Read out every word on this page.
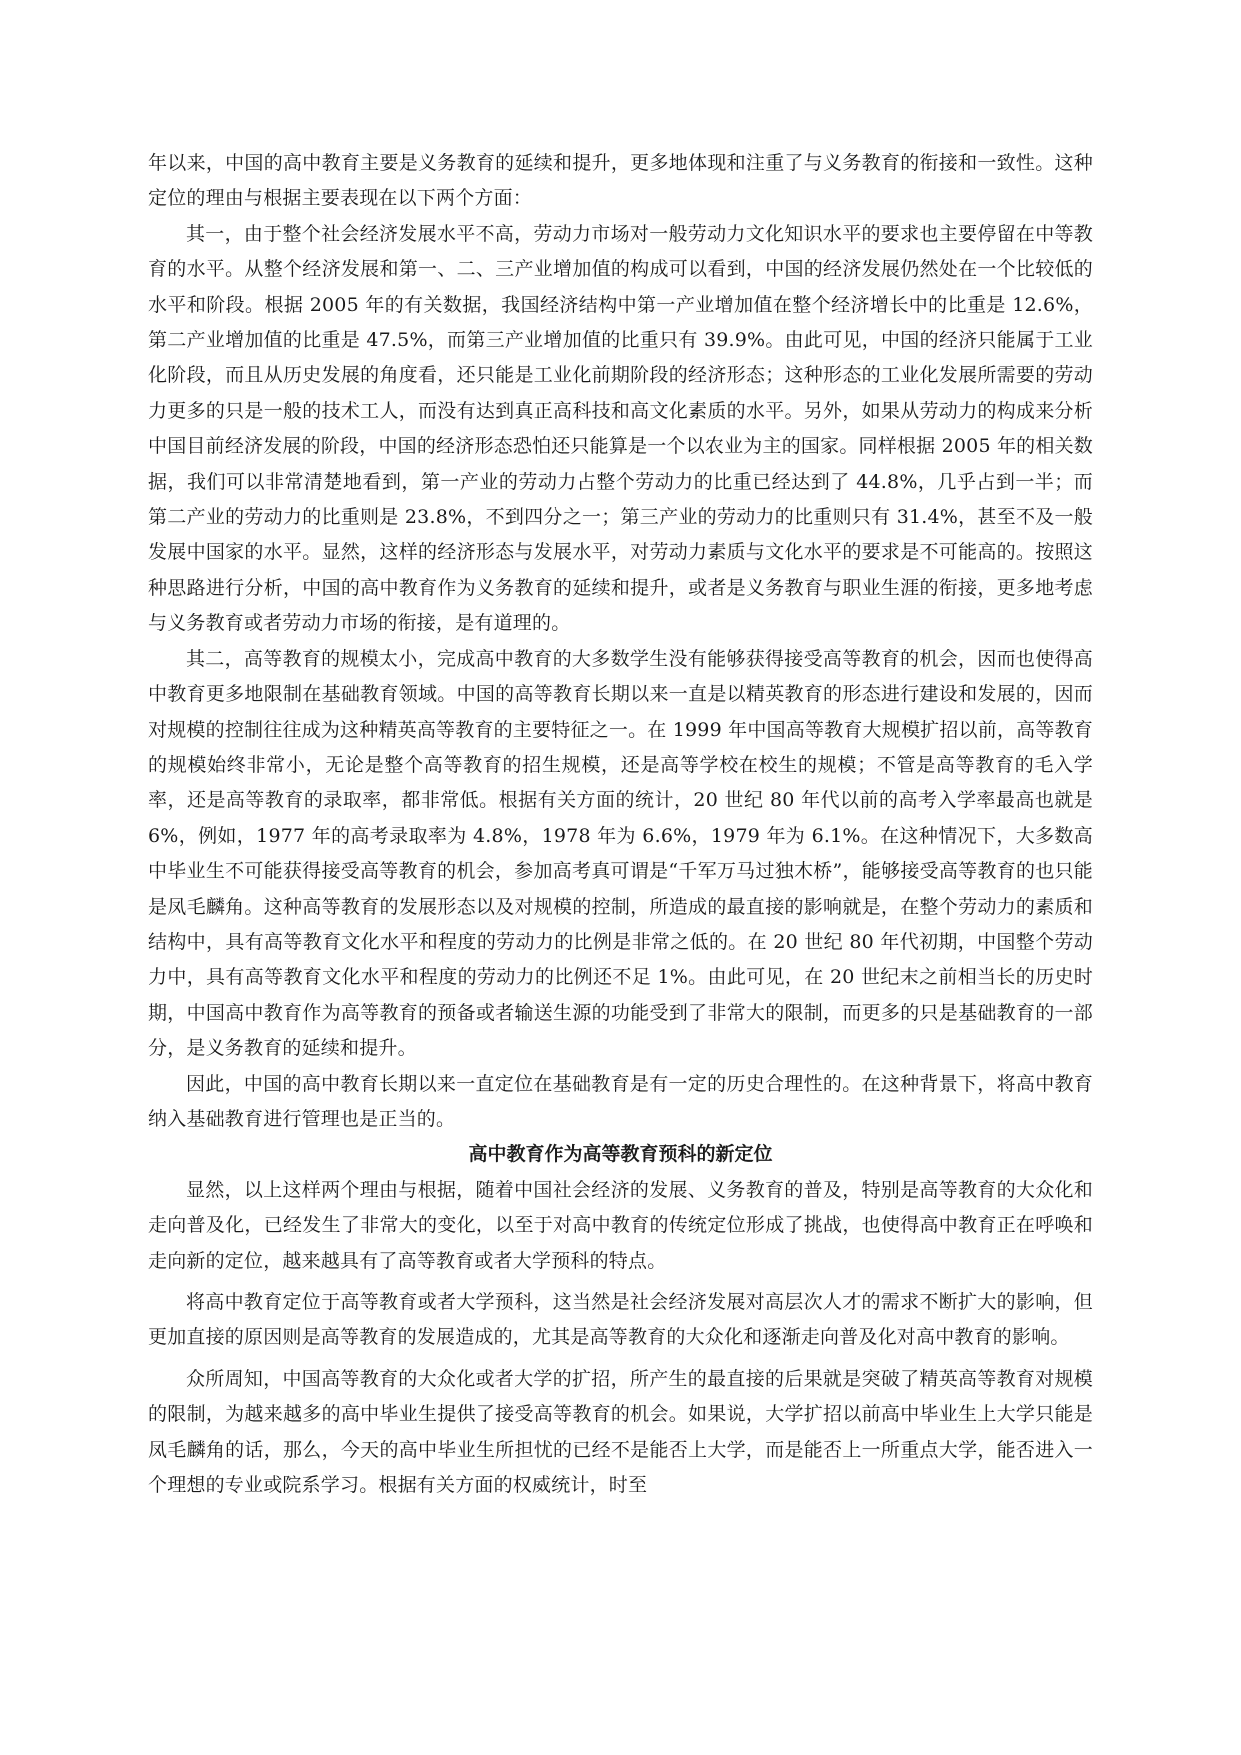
年以来，中国的高中教育主要是义务教育的延续和提升，更多地体现和注重了与义务教育的衔接和一致性。这种定位的理由与根据主要表现在以下两个方面：

其一，由于整个社会经济发展水平不高，劳动力市场对一般劳动力文化知识水平的要求也主要停留在中等教育的水平。从整个经济发展和第一、二、三产业增加值的构成可以看到，中国的经济发展仍然处在一个比较低的水平和阶段。根据 2005 年的有关数据，我国经济结构中第一产业增加值在整个经济增长中的比重是 12.6%，第二产业增加值的比重是 47.5%，而第三产业增加值的比重只有 39.9%。由此可见，中国的经济只能属于工业化阶段，而且从历史发展的角度看，还只能是工业化前期阶段的经济形态；这种形态的工业化发展所需要的劳动力更多的只是一般的技术工人，而没有达到真正高科技和高文化素质的水平。另外，如果从劳动力的构成来分析中国目前经济发展的阶段，中国的经济形态恐怕还只能算是一个以农业为主的国家。同样根据 2005 年的相关数据，我们可以非常清楚地看到，第一产业的劳动力占整个劳动力的比重已经达到了 44.8%，几乎占到一半；而第二产业的劳动力的比重则是 23.8%，不到四分之一；第三产业的劳动力的比重则只有 31.4%，甚至不及一般发展中国家的水平。显然，这样的经济形态与发展水平，对劳动力素质与文化水平的要求是不可能高的。按照这种思路进行分析，中国的高中教育作为义务教育的延续和提升，或者是义务教育与职业生涯的衔接，更多地考虑与义务教育或者劳动力市场的衔接，是有道理的。

其二，高等教育的规模太小，完成高中教育的大多数学生没有能够获得接受高等教育的机会，因而也使得高中教育更多地限制在基础教育领域。中国的高等教育长期以来一直是以精英教育的形态进行建设和发展的，因而对规模的控制往往成为这种精英高等教育的主要特征之一。在 1999 年中国高等教育大规模扩招以前，高等教育的规模始终非常小，无论是整个高等教育的招生规模，还是高等学校在校生的规模；不管是高等教育的毛入学率，还是高等教育的录取率，都非常低。根据有关方面的统计，20 世纪 80 年代以前的高考入学率最高也就是 6%，例如，1977 年的高考录取率为 4.8%，1978 年为 6.6%，1979 年为 6.1%。在这种情况下，大多数高中毕业生不可能获得接受高等教育的机会，参加高考真可谓是“千军万马过独木桥”，能够接受高等教育的也只能是凤毛麟角。这种高等教育的发展形态以及对规模的控制，所造成的最直接的影响就是，在整个劳动力的素质和结构中，具有高等教育文化水平和程度的劳动力的比例是非常之低的。在 20 世纪 80 年代初期，中国整个劳动力中，具有高等教育文化水平和程度的劳动力的比例还不足 1%。由此可见，在 20 世纪末之前相当长的历史时期，中国高中教育作为高等教育的预备或者输送生源的功能受到了非常大的限制，而更多的只是基础教育的一部分，是义务教育的延续和提升。

因此，中国的高中教育长期以来一直定位在基础教育是有一定的历史合理性的。在这种背景下，将高中教育纳入基础教育进行管理也是正当的。

高中教育作为高等教育预科的新定位

显然，以上这样两个理由与根据，随着中国社会经济的发展、义务教育的普及，特别是高等教育的大众化和走向普及化，已经发生了非常大的变化，以至于对高中教育的传统定位形成了挑战，也使得高中教育正在呼唤和走向新的定位，越来越具有了高等教育或者大学预科的特点。

将高中教育定位于高等教育或者大学预科，这当然是社会经济发展对高层次人才的需求不断扩大的影响，但更加直接的原因则是高等教育的发展造成的，尤其是高等教育的大众化和逐渐走向普及化对高中教育的影响。

众所周知，中国高等教育的大众化或者大学的扩招，所产生的最直接的后果就是突破了精英高等教育对规模的限制，为越来越多的高中毕业生提供了接受高等教育的机会。如果说，大学扩招以前高中毕业生上大学只能是凤毛麟角的话，那么，今天的高中毕业生所担忧的已经不是能否上大学，而是能否上一所重点大学，能否进入一个理想的专业或院系学习。根据有关方面的权威统计，时至
